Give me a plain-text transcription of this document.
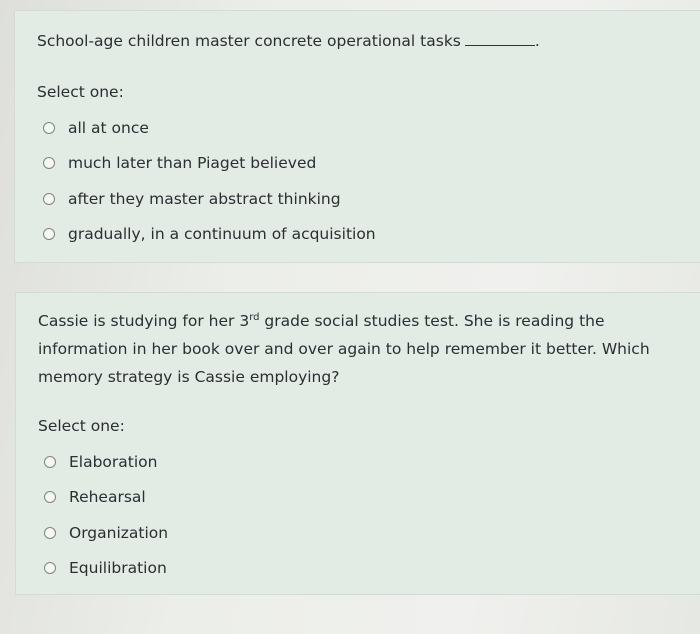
School-age children master concrete operational tasks	.
Select one:
all at once
much later than Piaget believed
after they master abstract thinking
gradually, in a continuum of acquisition
Cassie is studying for her 3rd grade social studies test. She is reading the information in her book over and over again to help remember it better. Which memory strategy is Cassie employing?
Select one:
Elaboration
Rehearsal
Organization
Equilibration
